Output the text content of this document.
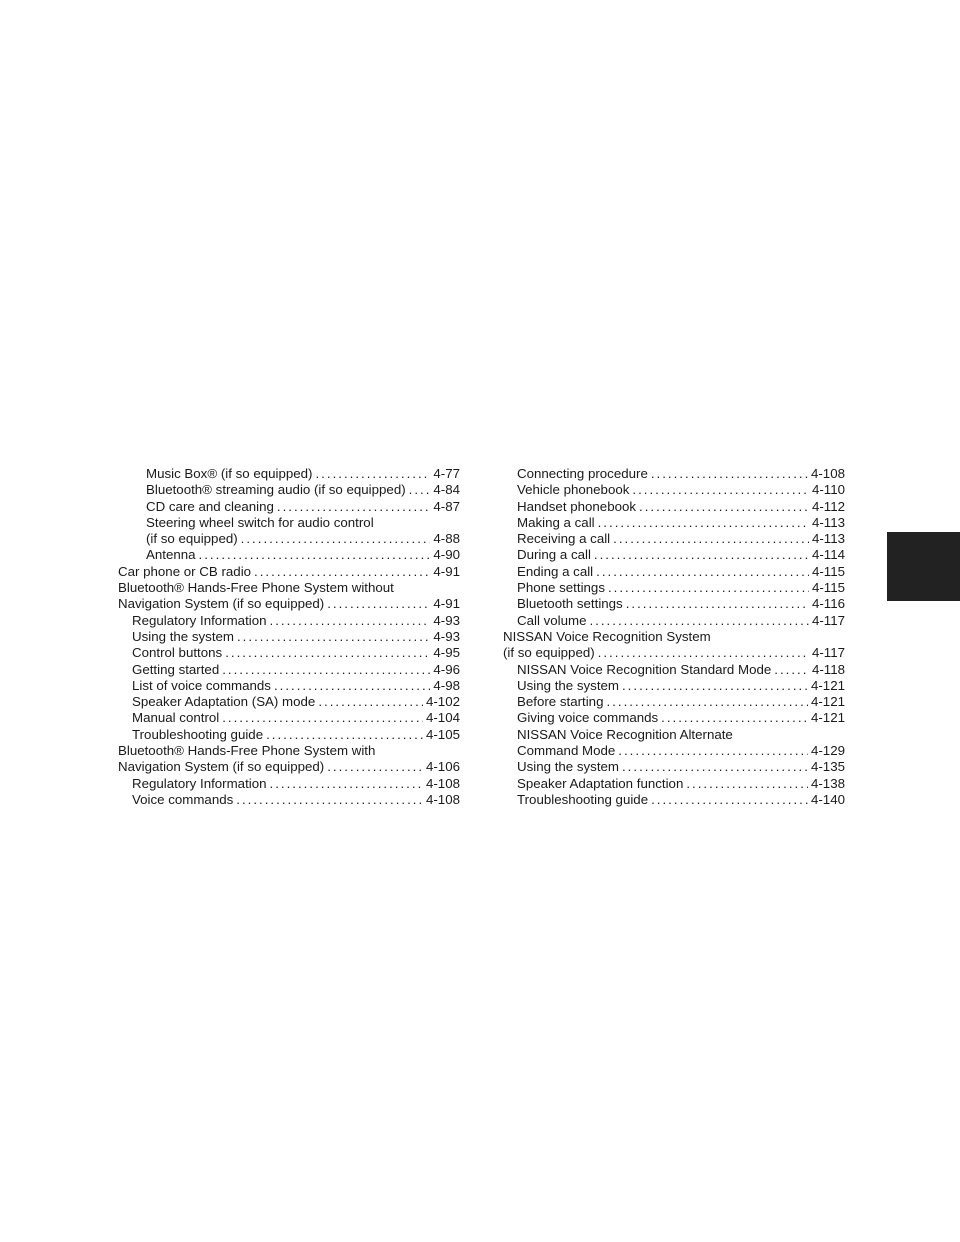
Music Box® (if so equipped) .....	4-77
Bluetooth® streaming audio (if so equipped) ..... 4-84
CD care and cleaning .....	4-87
Steering wheel switch for audio control
(if so equipped) .....	4-88
Antenna .....	4-90
Car phone or CB radio .....	4-91
Bluetooth® Hands-Free Phone System without
Navigation System (if so equipped) .....	4-91
Regulatory Information .....	4-93
Using the system .....	4-93
Control buttons .....	4-95
Getting started .....	4-96
List of voice commands .....	4-98
Speaker Adaptation (SA) mode .....	4-102
Manual control .....	4-104
Troubleshooting guide .....	4-105
Bluetooth® Hands-Free Phone System with
Navigation System (if so equipped) .....	4-106
Regulatory Information .....	4-108
Voice commands .....	4-108
Connecting procedure .....	4-108
Vehicle phonebook .....	4-110
Handset phonebook .....	4-112
Making a call .....	4-113
Receiving a call .....	4-113
During a call .....	4-114
Ending a call .....	4-115
Phone settings .....	4-115
Bluetooth settings .....	4-116
Call volume .....	4-117
NISSAN Voice Recognition System
(if so equipped) .....	4-117
NISSAN Voice Recognition Standard Mode .....	4-118
Using the system .....	4-121
Before starting .....	4-121
Giving voice commands .....	4-121
NISSAN Voice Recognition Alternate
Command Mode .....	4-129
Using the system .....	4-135
Speaker Adaptation function .....	4-138
Troubleshooting guide .....	4-140
